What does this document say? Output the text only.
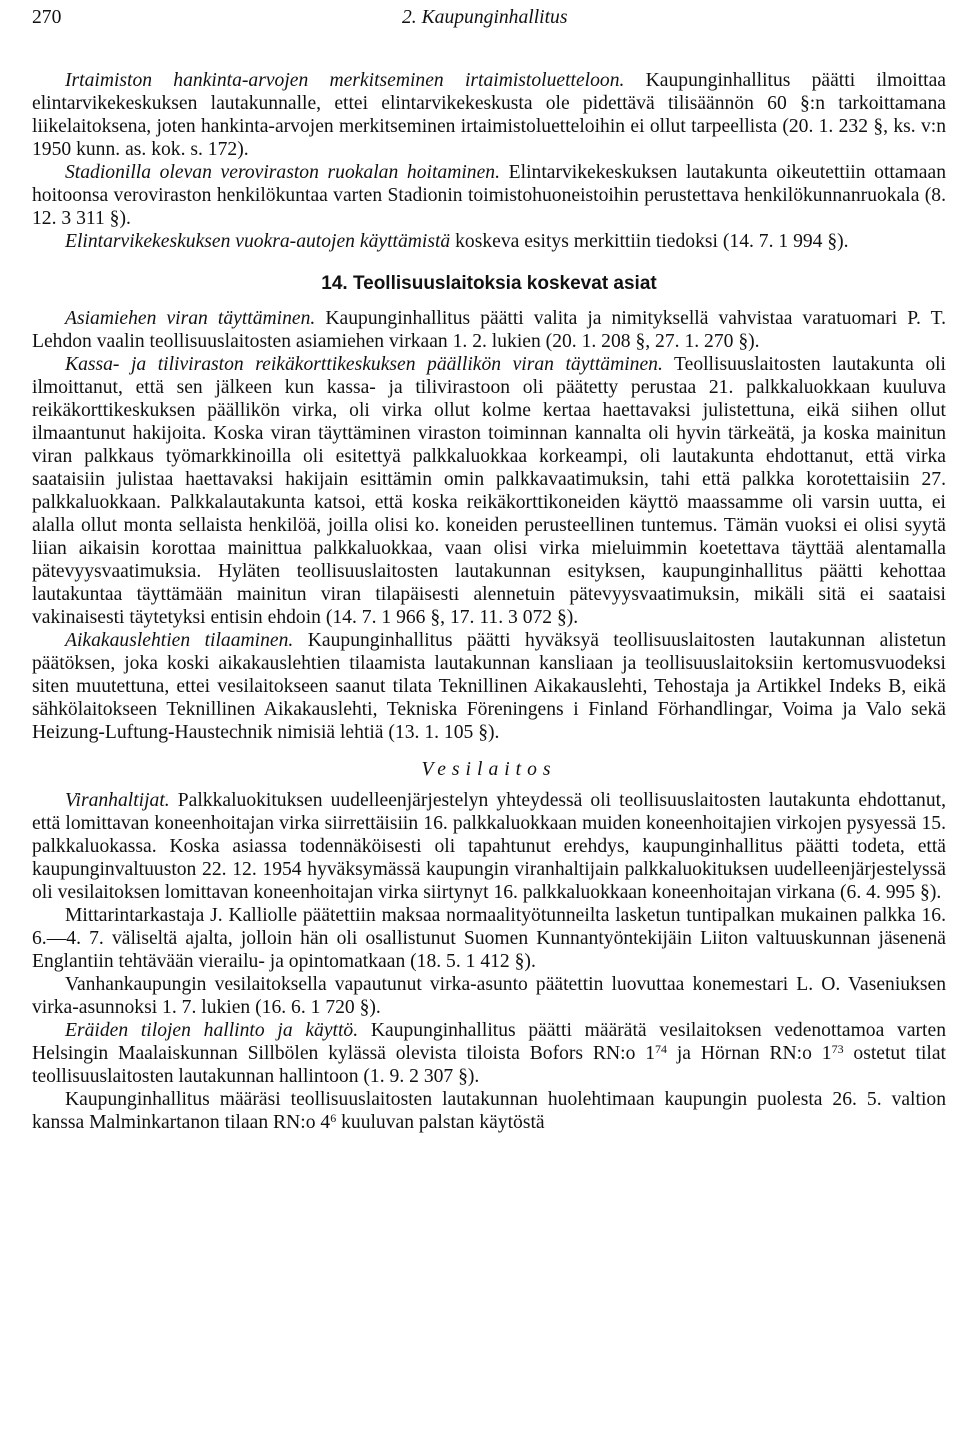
270	2. Kaupunginhallitus

Irtaimiston hankinta-arvojen merkitseminen irtaimistoluetteloon. Kaupunginhallitus päätti ilmoittaa elintarvikekeskuksen lautakunnalle, ettei elintarvikekeskusta ole pidettävä tilisäännön 60 §:n tarkoittamana liikelaitoksena, joten hankinta-arvojen merkitseminen irtaimistoluetteloihin ei ollut tarpeellista (20. 1. 232 §, ks. v:n 1950 kunn. as. kok. s. 172).

Stadionilla olevan veroviraston ruokalan hoitaminen. Elintarvikekeskuksen lautakunta oikeutettiin ottamaan hoitoonsa veroviraston henkilökuntaa varten Stadionin toimistohuoneistoihin perustettava henkilökunnanruokala (8. 12. 3 311 §).

Elintarvikekeskuksen vuokra-autojen käyttämistä koskeva esitys merkittiin tiedoksi (14. 7. 1 994 §).

14. Teollisuuslaitoksia koskevat asiat

Asiamiehen viran täyttäminen. Kaupunginhallitus päätti valita ja nimityksellä vahvistaa varatuomari P. T. Lehdon vaalin teollisuuslaitosten asiamiehen virkaan 1. 2. lukien (20. 1. 208 §, 27. 1. 270 §).

Kassa- ja tiliviraston reikäkorttikeskuksen päällikön viran täyttäminen. Teollisuuslaitosten lautakunta oli ilmoittanut, että sen jälkeen kun kassa- ja tilivirastoon oli päätetty perustaa 21. palkkaluokkaan kuuluva reikäkorttikeskuksen päällikön virka, oli virka ollut kolme kertaa haettavaksi julistettuna, eikä siihen ollut ilmaantunut hakijoita. Koska viran täyttäminen viraston toiminnan kannalta oli hyvin tärkeätä, ja koska mainitun viran palkkaus työmarkkinoilla oli esitettyä palkkaluokkaa korkeampi, oli lautakunta ehdottanut, että virka saataisiin julistaa haettavaksi hakijain esittämin omin palkkavaatimuksin, tahi että palkka korotettaisiin 27. palkkaluokkaan. Palkkalautakunta katsoi, että koska reikäkorttikoneiden käyttö maassamme oli varsin uutta, ei alalla ollut monta sellaista henkilöä, joilla olisi ko. koneiden perusteellinen tuntemus. Tämän vuoksi ei olisi syytä liian aikaisin korottaa mainittua palkkaluokkaa, vaan olisi virka mieluimmin koetettava täyttää alentamalla pätevyysvaatimuksia. Hyläten teollisuuslaitosten lautakunnan esityksen, kaupunginhallitus päätti kehottaa lautakuntaa täyttämään mainitun viran tilapäisesti alennetuin pätevyysvaatimuksin, mikäli sitä ei saataisi vakinaisesti täytetyksi entisin ehdoin (14. 7. 1 966 §, 17. 11. 3 072 §).

Aikakauslehtien tilaaminen. Kaupunginhallitus päätti hyväksyä teollisuuslaitosten lautakunnan alistetun päätöksen, joka koski aikakauslehtien tilaamista lautakunnan kansliaan ja teollisuuslaitoksiin kertomusvuodeksi siten muutettuna, ettei vesilaitokseen saanut tilata Teknillinen Aikakauslehti, Tehostaja ja Artikkel Indeks B, eikä sähkölaitokseen Teknillinen Aikakauslehti, Tekniska Föreningens i Finland Förhandlingar, Voima ja Valo sekä Heizung-Luftung-Haustechnik nimisiä lehtiä (13. 1. 105 §).

Vesilaitos

Viranhaltijat. Palkkaluokituksen uudelleenjärjestelyn yhteydessä oli teollisuuslaitosten lautakunta ehdottanut, että lomittavan koneenhoitajan virka siirrettäisiin 16. palkkaluokkaan muiden koneenhoitajien virkojen pysyessä 15. palkkaluokassa. Koska asiassa todennäköisesti oli tapahtunut erehdys, kaupunginhallitus päätti todeta, että kaupunginvaltuuston 22. 12. 1954 hyväksymässä kaupungin viranhaltijain palkkaluokituksen uudelleenjärjestelyssä oli vesilaitoksen lomittavan koneenhoitajan virka siirtynyt 16. palkkaluokkaan koneenhoitajan virkana (6. 4. 995 §).

Mittarintarkastaja J. Kalliolle päätettiin maksaa normaalityötunneilta lasketun tuntipalkan mukainen palkka 16. 6.—4. 7. väliseltä ajalta, jolloin hän oli osallistunut Suomen Kunnantyöntekijäin Liiton valtuuskunnan jäsenenä Englantiin tehtävään vierailu- ja opintomatkaan (18. 5. 1 412 §).

Vanhankaupungin vesilaitoksella vapautunut virka-asunto päätettin luovuttaa konemestari L. O. Vaseniuksen virka-asunnoksi 1. 7. lukien (16. 6. 1 720 §).

Eräiden tilojen hallinto ja käyttö. Kaupunginhallitus päätti määrätä vesilaitoksen vedenottamoa varten Helsingin Maalaiskunnan Sillbölen kylässä olevista tiloista Bofors RN:o $1^{74}$ ja Hörnan RN:o $1^{73}$ ostetut tilat teollisuuslaitosten lautakunnan hallintoon (1. 9. 2 307 §).

Kaupunginhallitus määräsi teollisuuslaitosten lautakunnan huolehtimaan kaupungin puolesta 26. 5. valtion kanssa Malminkartanon tilaan RN:o $4^6$ kuuluvan palstan käytöstä
